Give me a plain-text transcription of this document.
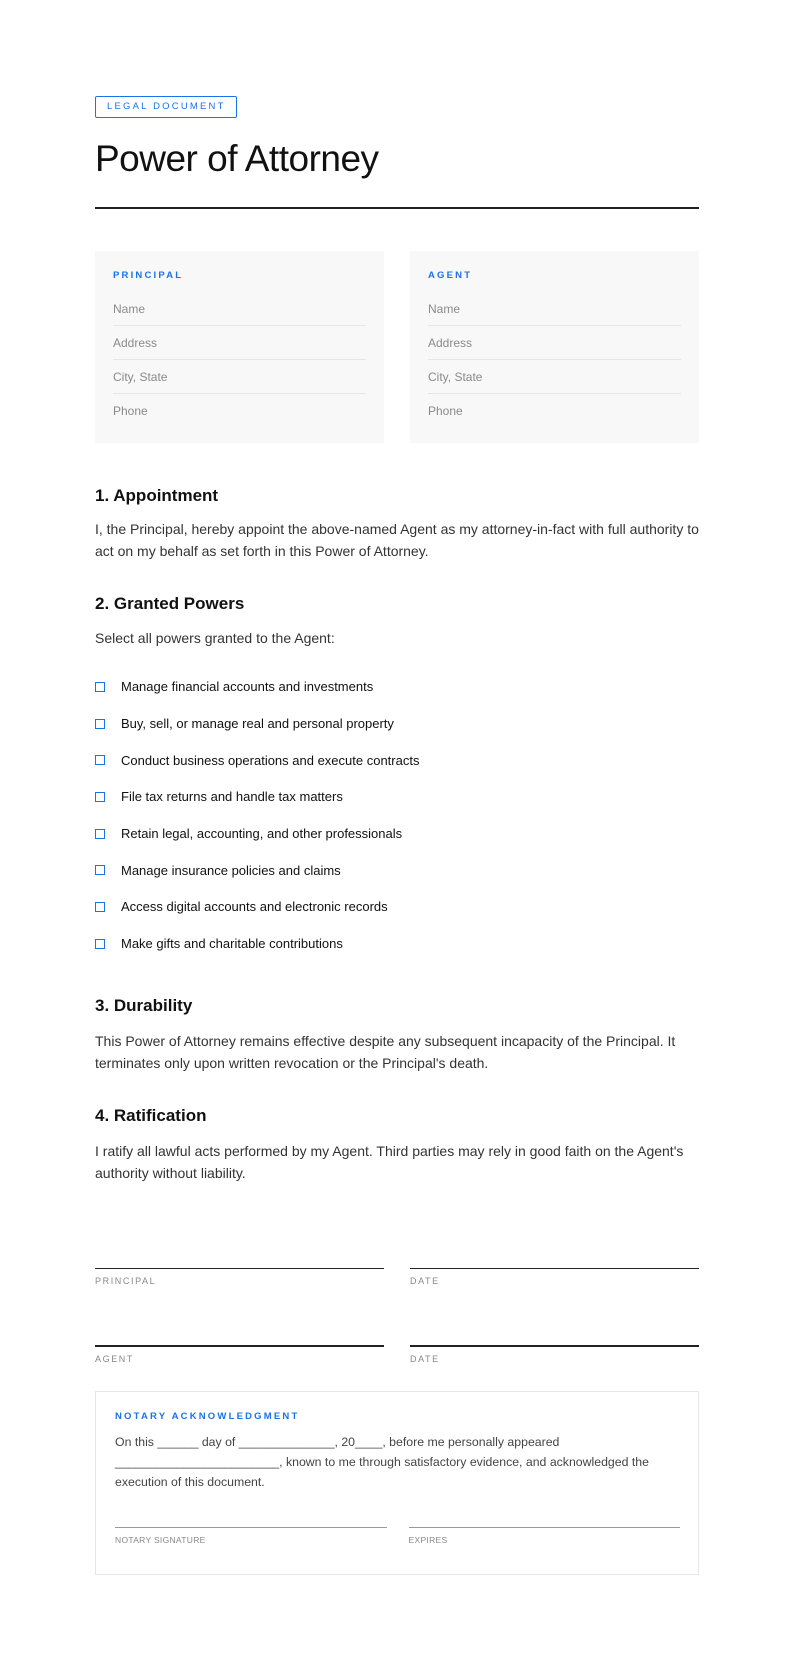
LEGAL DOCUMENT
Power of Attorney
PRINCIPAL
Name
Address
City, State
Phone
AGENT
Name
Address
City, State
Phone
1. Appointment

I, the Principal, hereby appoint the above-named Agent as my attorney-in-fact with full authority to act on my behalf as set forth in this Power of Attorney.

2. Granted Powers

Select all powers granted to the Agent:

Manage financial accounts and investments
Buy, sell, or manage real and personal property
Conduct business operations and execute contracts
File tax returns and handle tax matters
Retain legal, accounting, and other professionals
Manage insurance policies and claims
Access digital accounts and electronic records
Make gifts and charitable contributions
3. Durability

This Power of Attorney remains effective despite any subsequent incapacity of the Principal. It terminates only upon written revocation or the Principal's death.

4. Ratification

I ratify all lawful acts performed by my Agent. Third parties may rely in good faith on the Agent's authority without liability.

PRINCIPAL	DATE
AGENT	DATE
NOTARY ACKNOWLEDGMENT

On this ______ day of ______________, 20____, before me personally appeared ________________________, known to me through satisfactory evidence, and acknowledged the execution of this document.

NOTARY SIGNATURE	EXPIRES
